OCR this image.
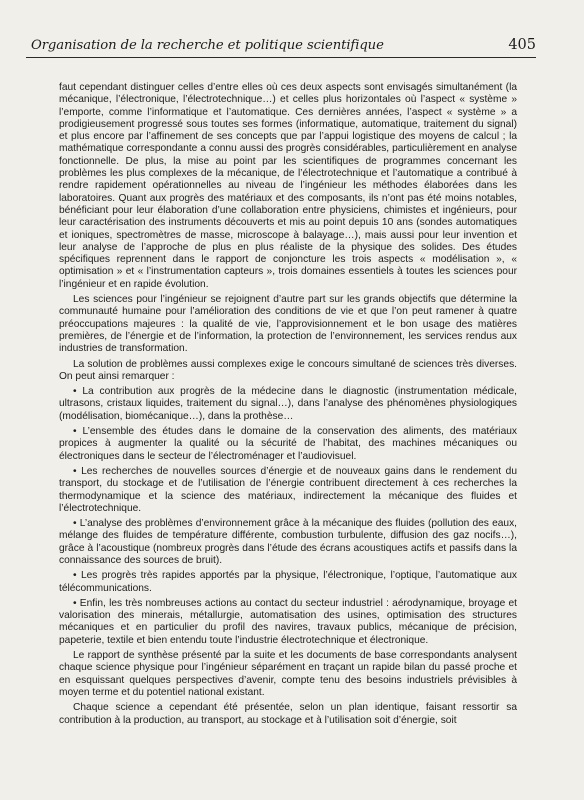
Organisation de la recherche et politique scientifique	405

faut cependant distinguer celles d’entre elles où ces deux aspects sont envisagés simultanément (la mécanique, l’électronique, l’électrotechnique…) et celles plus horizontales où l’aspect « système » l’emporte, comme l’informatique et l’automatique. Ces dernières années, l’aspect « système » a prodigieusement progressé sous toutes ses formes (informatique, automatique, traitement du signal) et plus encore par l’affinement de ses concepts que par l’appui logistique des moyens de calcul ; la mathématique correspondante a connu aussi des progrès considérables, particulièrement en analyse fonctionnelle. De plus, la mise au point par les scientifiques de programmes concernant les problèmes les plus complexes de la mécanique, de l’électrotechnique et l’automatique a contribué à rendre rapidement opérationnelles au niveau de l’ingénieur les méthodes élaborées dans les laboratoires. Quant aux progrès des matériaux et des composants, ils n’ont pas été moins notables, bénéficiant pour leur élaboration d’une collaboration entre physiciens, chimistes et ingénieurs, pour leur caractérisation des instruments découverts et mis au point depuis 10 ans (sondes automatiques et ioniques, spectromètres de masse, microscope à balayage…), mais aussi pour leur invention et leur analyse de l’approche de plus en plus réaliste de la physique des solides. Des études spécifiques reprennent dans le rapport de conjoncture les trois aspects « modélisation », « optimisation » et « l’instrumentation capteurs », trois domaines essentiels à toutes les sciences pour l’ingénieur et en rapide évolution.

Les sciences pour l’ingénieur se rejoignent d’autre part sur les grands objectifs que détermine la communauté humaine pour l’amélioration des conditions de vie et que l’on peut ramener à quatre préoccupations majeures : la qualité de vie, l’approvisionnement et le bon usage des matières premières, de l’énergie et de l’information, la protection de l’environnement, les services rendus aux industries de transformation.

La solution de problèmes aussi complexes exige le concours simultané de sciences très diverses. On peut ainsi remarquer :

• La contribution aux progrès de la médecine dans le diagnostic (instrumentation médicale, ultrasons, cristaux liquides, traitement du signal…), dans l’analyse des phénomènes physiologiques (modélisation, biomécanique…), dans la prothèse…

• L’ensemble des études dans le domaine de la conservation des aliments, des matériaux propices à augmenter la qualité ou la sécurité de l’habitat, des machines mécaniques ou électroniques dans le secteur de l’électroménager et l’audiovisuel.

• Les recherches de nouvelles sources d’énergie et de nouveaux gains dans le rendement du transport, du stockage et de l’utilisation de l’énergie contribuent directement à ces recherches la thermodynamique et la science des matériaux, indirectement la mécanique des fluides et l’électrotechnique.

• L’analyse des problèmes d’environnement grâce à la mécanique des fluides (pollution des eaux, mélange des fluides de température différente, combustion turbulente, diffusion des gaz nocifs…), grâce à l’acoustique (nombreux progrès dans l’étude des écrans acoustiques actifs et passifs dans la connaissance des sources de bruit).

• Les progrès très rapides apportés par la physique, l’électronique, l’optique, l’automatique aux télécommunications.

• Enfin, les très nombreuses actions au contact du secteur industriel : aérodynamique, broyage et valorisation des minerais, métallurgie, automatisation des usines, optimisation des structures mécaniques et en particulier du profil des navires, travaux publics, mécanique de précision, papeterie, textile et bien entendu toute l’industrie électrotechnique et électronique.

Le rapport de synthèse présenté par la suite et les documents de base correspondants analysent chaque science physique pour l’ingénieur séparément en traçant un rapide bilan du passé proche et en esquissant quelques perspectives d’avenir, compte tenu des besoins industriels prévisibles à moyen terme et du potentiel national existant.

Chaque science a cependant été présentée, selon un plan identique, faisant ressortir sa contribution à la production, au transport, au stockage et à l’utilisation soit d’énergie, soit
